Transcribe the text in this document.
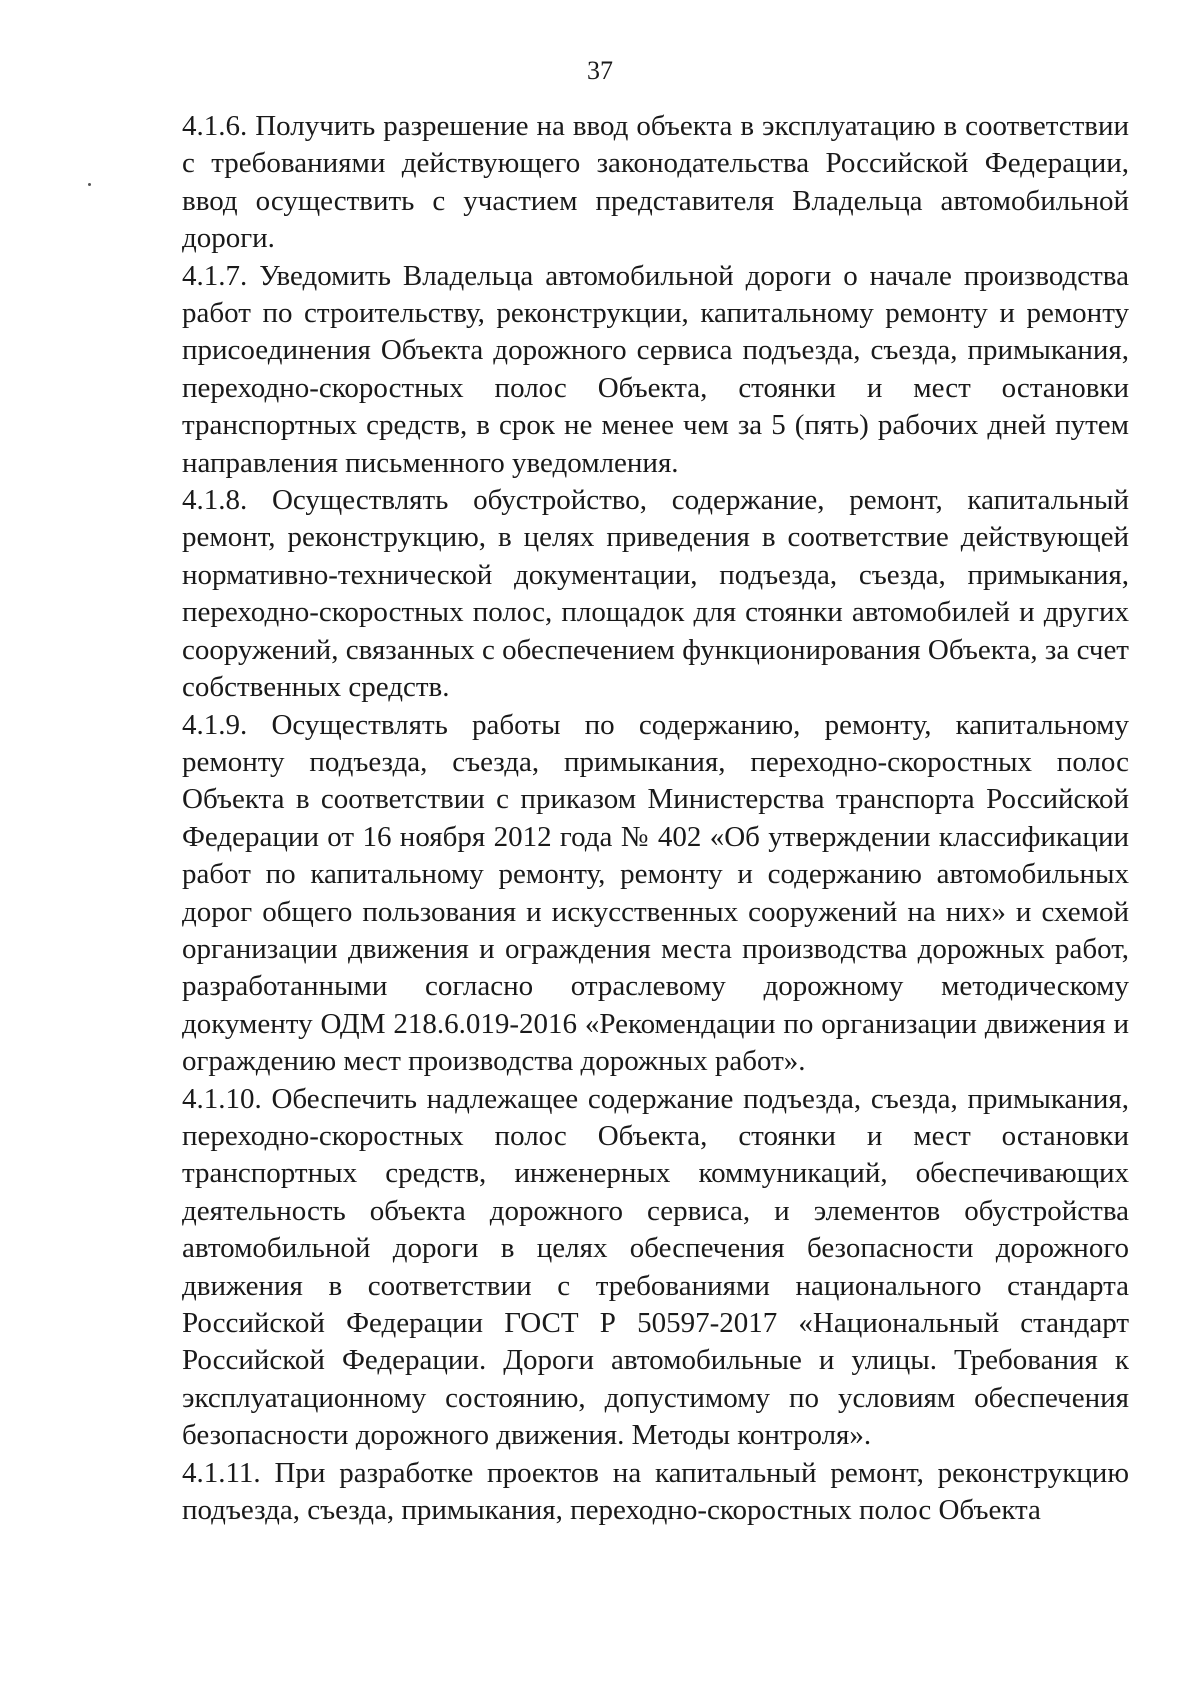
37

4.1.6. Получить разрешение на ввод объекта в эксплуатацию в соответствии с требованиями действующего законодательства Российской Федерации, ввод осуществить с участием представителя Владельца автомобильной дороги.

4.1.7. Уведомить Владельца автомобильной дороги о начале производства работ по строительству, реконструкции, капитальному ремонту и ремонту присоединения Объекта дорожного сервиса подъезда, съезда, примыкания, переходно-скоростных полос Объекта, стоянки и мест остановки транспортных средств, в срок не менее чем за 5 (пять) рабочих дней путем направления письменного уведомления.

4.1.8. Осуществлять обустройство, содержание, ремонт, капитальный ремонт, реконструкцию, в целях приведения в соответствие действующей нормативно-технической документации, подъезда, съезда, примыкания, переходно-скоростных полос, площадок для стоянки автомобилей и других сооружений, связанных с обеспечением функционирования Объекта, за счет собственных средств.

4.1.9. Осуществлять работы по содержанию, ремонту, капитальному ремонту подъезда, съезда, примыкания, переходно-скоростных полос Объекта в соответствии с приказом Министерства транспорта Российской Федерации от 16 ноября 2012 года № 402 «Об утверждении классификации работ по капитальному ремонту, ремонту и содержанию автомобильных дорог общего пользования и искусственных сооружений на них» и схемой организации движения и ограждения места производства дорожных работ, разработанными согласно отраслевому дорожному методическому документу ОДМ 218.6.019-2016 «Рекомендации по организации движения и ограждению мест производства дорожных работ».

4.1.10. Обеспечить надлежащее содержание подъезда, съезда, примыкания, переходно-скоростных полос Объекта, стоянки и мест остановки транспортных средств, инженерных коммуникаций, обеспечивающих деятельность объекта дорожного сервиса, и элементов обустройства автомобильной дороги в целях обеспечения безопасности дорожного движения в соответствии с требованиями национального стандарта Российской Федерации ГОСТ Р 50597-2017 «Национальный стандарт Российской Федерации. Дороги автомобильные и улицы. Требования к эксплуатационному состоянию, допустимому по условиям обеспечения безопасности дорожного движения. Методы контроля».

4.1.11. При разработке проектов на капитальный ремонт, реконструкцию подъезда, съезда, примыкания, переходно-скоростных полос Объекта
